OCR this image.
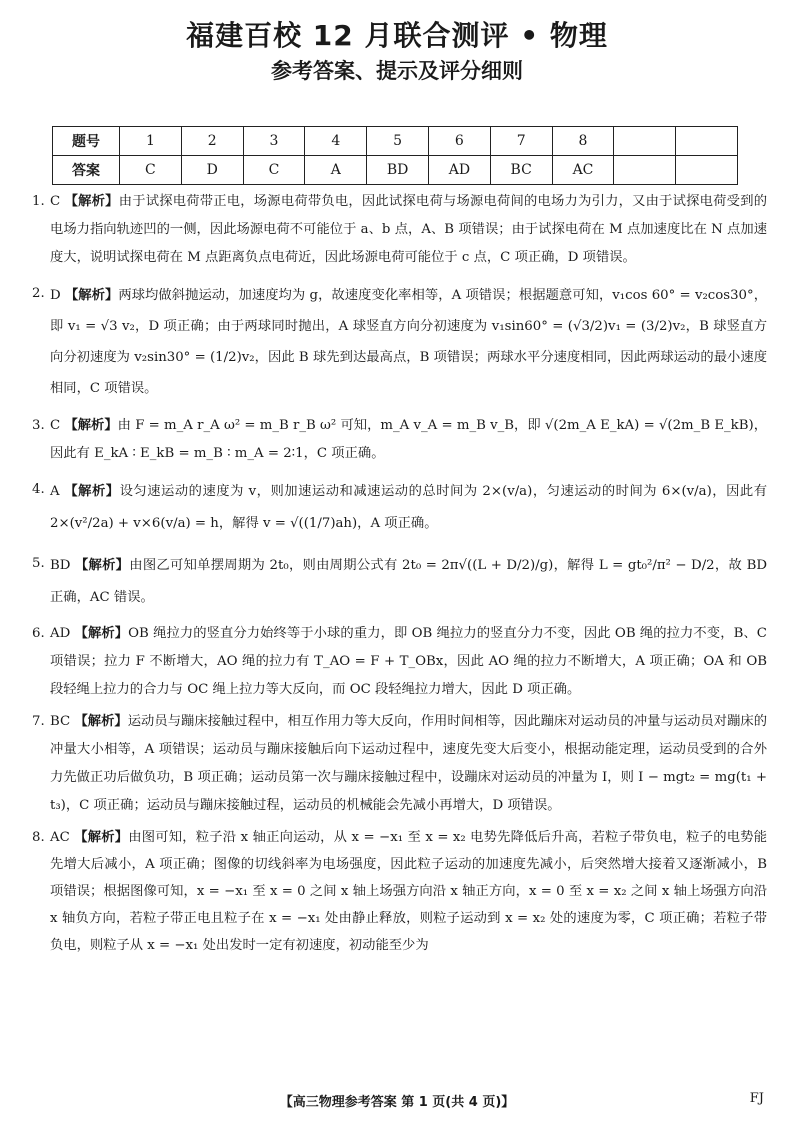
福建百校 12 月联合测评 • 物理
参考答案、提示及评分细则
题号	1	2	3	4	5	6	7	8		
答案	C	D	C	A	BD	AD	BC	AC		
1. C 【解析】由于试探电荷带正电，场源电荷带负电，因此试探电荷与场源电荷间的电场力为引力，又由于试探电荷受到的电场力指向轨迹凹的一侧，因此场源电荷不可能位于 a、b 点，A、B 项错误；由于试探电荷在 M 点加速度比在 N 点加速度大，说明试探电荷在 M 点距离负点电荷近，因此场源电荷可能位于 c 点，C 项正确，D 项错误。
2. D 【解析】两球均做斜抛运动，加速度均为 g，故速度变化率相等，A 项错误；根据题意可知，v₁cos 60° = v₂cos30°，即 v₁ = √3 v₂，D 项正确；由于两球同时抛出，A 球竖直方向分初速度为 v₁sin60° = (√3/2)v₁ = (3/2)v₂，B 球竖直方向分初速度为 v₂sin30° = (1/2)v₂，因此 B 球先到达最高点，B 项错误；两球水平分速度相同，因此两球运动的最小速度相同，C 项错误。
3. C 【解析】由 F = m_A r_A ω² = m_B r_B ω² 可知，m_A v_A = m_B v_B，即 √(2m_A E_kA) = √(2m_B E_kB)，因此有 E_kA ∶ E_kB = m_B ∶ m_A = 2∶1，C 项正确。
4. A 【解析】设匀速运动的速度为 v，则加速运动和减速运动的总时间为 2×(v/a)，匀速运动的时间为 6×(v/a)，因此有 2×(v²/2a) + v×6(v/a) = h，解得 v = √((1/7)ah)，A 项正确。
5. BD 【解析】由图乙可知单摆周期为 2t₀，则由周期公式有 2t₀ = 2π√((L + D/2)/g)，解得 L = gt₀²/π² − D/2，故 BD 正确，AC 错误。
6. AD 【解析】OB 绳拉力的竖直分力始终等于小球的重力，即 OB 绳拉力的竖直分力不变，因此 OB 绳的拉力不变，B、C 项错误；拉力 F 不断增大，AO 绳的拉力有 T_AO = F + T_OBx，因此 AO 绳的拉力不断增大，A 项正确；OA 和 OB 段轻绳上拉力的合力与 OC 绳上拉力等大反向，而 OC 段轻绳拉力增大，因此 D 项正确。
7. BC 【解析】运动员与蹦床接触过程中，相互作用力等大反向，作用时间相等，因此蹦床对运动员的冲量与运动员对蹦床的冲量大小相等，A 项错误；运动员与蹦床接触后向下运动过程中，速度先变大后变小，根据动能定理，运动员受到的合外力先做正功后做负功，B 项正确；运动员第一次与蹦床接触过程中，设蹦床对运动员的冲量为 I，则 I − mgt₂ = mg(t₁ + t₃)，C 项正确；运动员与蹦床接触过程，运动员的机械能会先减小再增大，D 项错误。
8. AC 【解析】由图可知，粒子沿 x 轴正向运动，从 x = −x₁ 至 x = x₂ 电势先降低后升高，若粒子带负电，粒子的电势能先增大后减小，A 项正确；图像的切线斜率为电场强度，因此粒子运动的加速度先减小，后突然增大接着又逐渐减小，B 项错误；根据图像可知，x = −x₁ 至 x = 0 之间 x 轴上场强方向沿 x 轴正方向，x = 0 至 x = x₂ 之间 x 轴上场强方向沿 x 轴负方向，若粒子带正电且粒子在 x = −x₁ 处由静止释放，则粒子运动到 x = x₂ 处的速度为零，C 项正确；若粒子带负电，则粒子从 x = −x₁ 处出发时一定有初速度，初动能至少为
【高三物理参考答案 第 1 页(共 4 页)】	FJ
